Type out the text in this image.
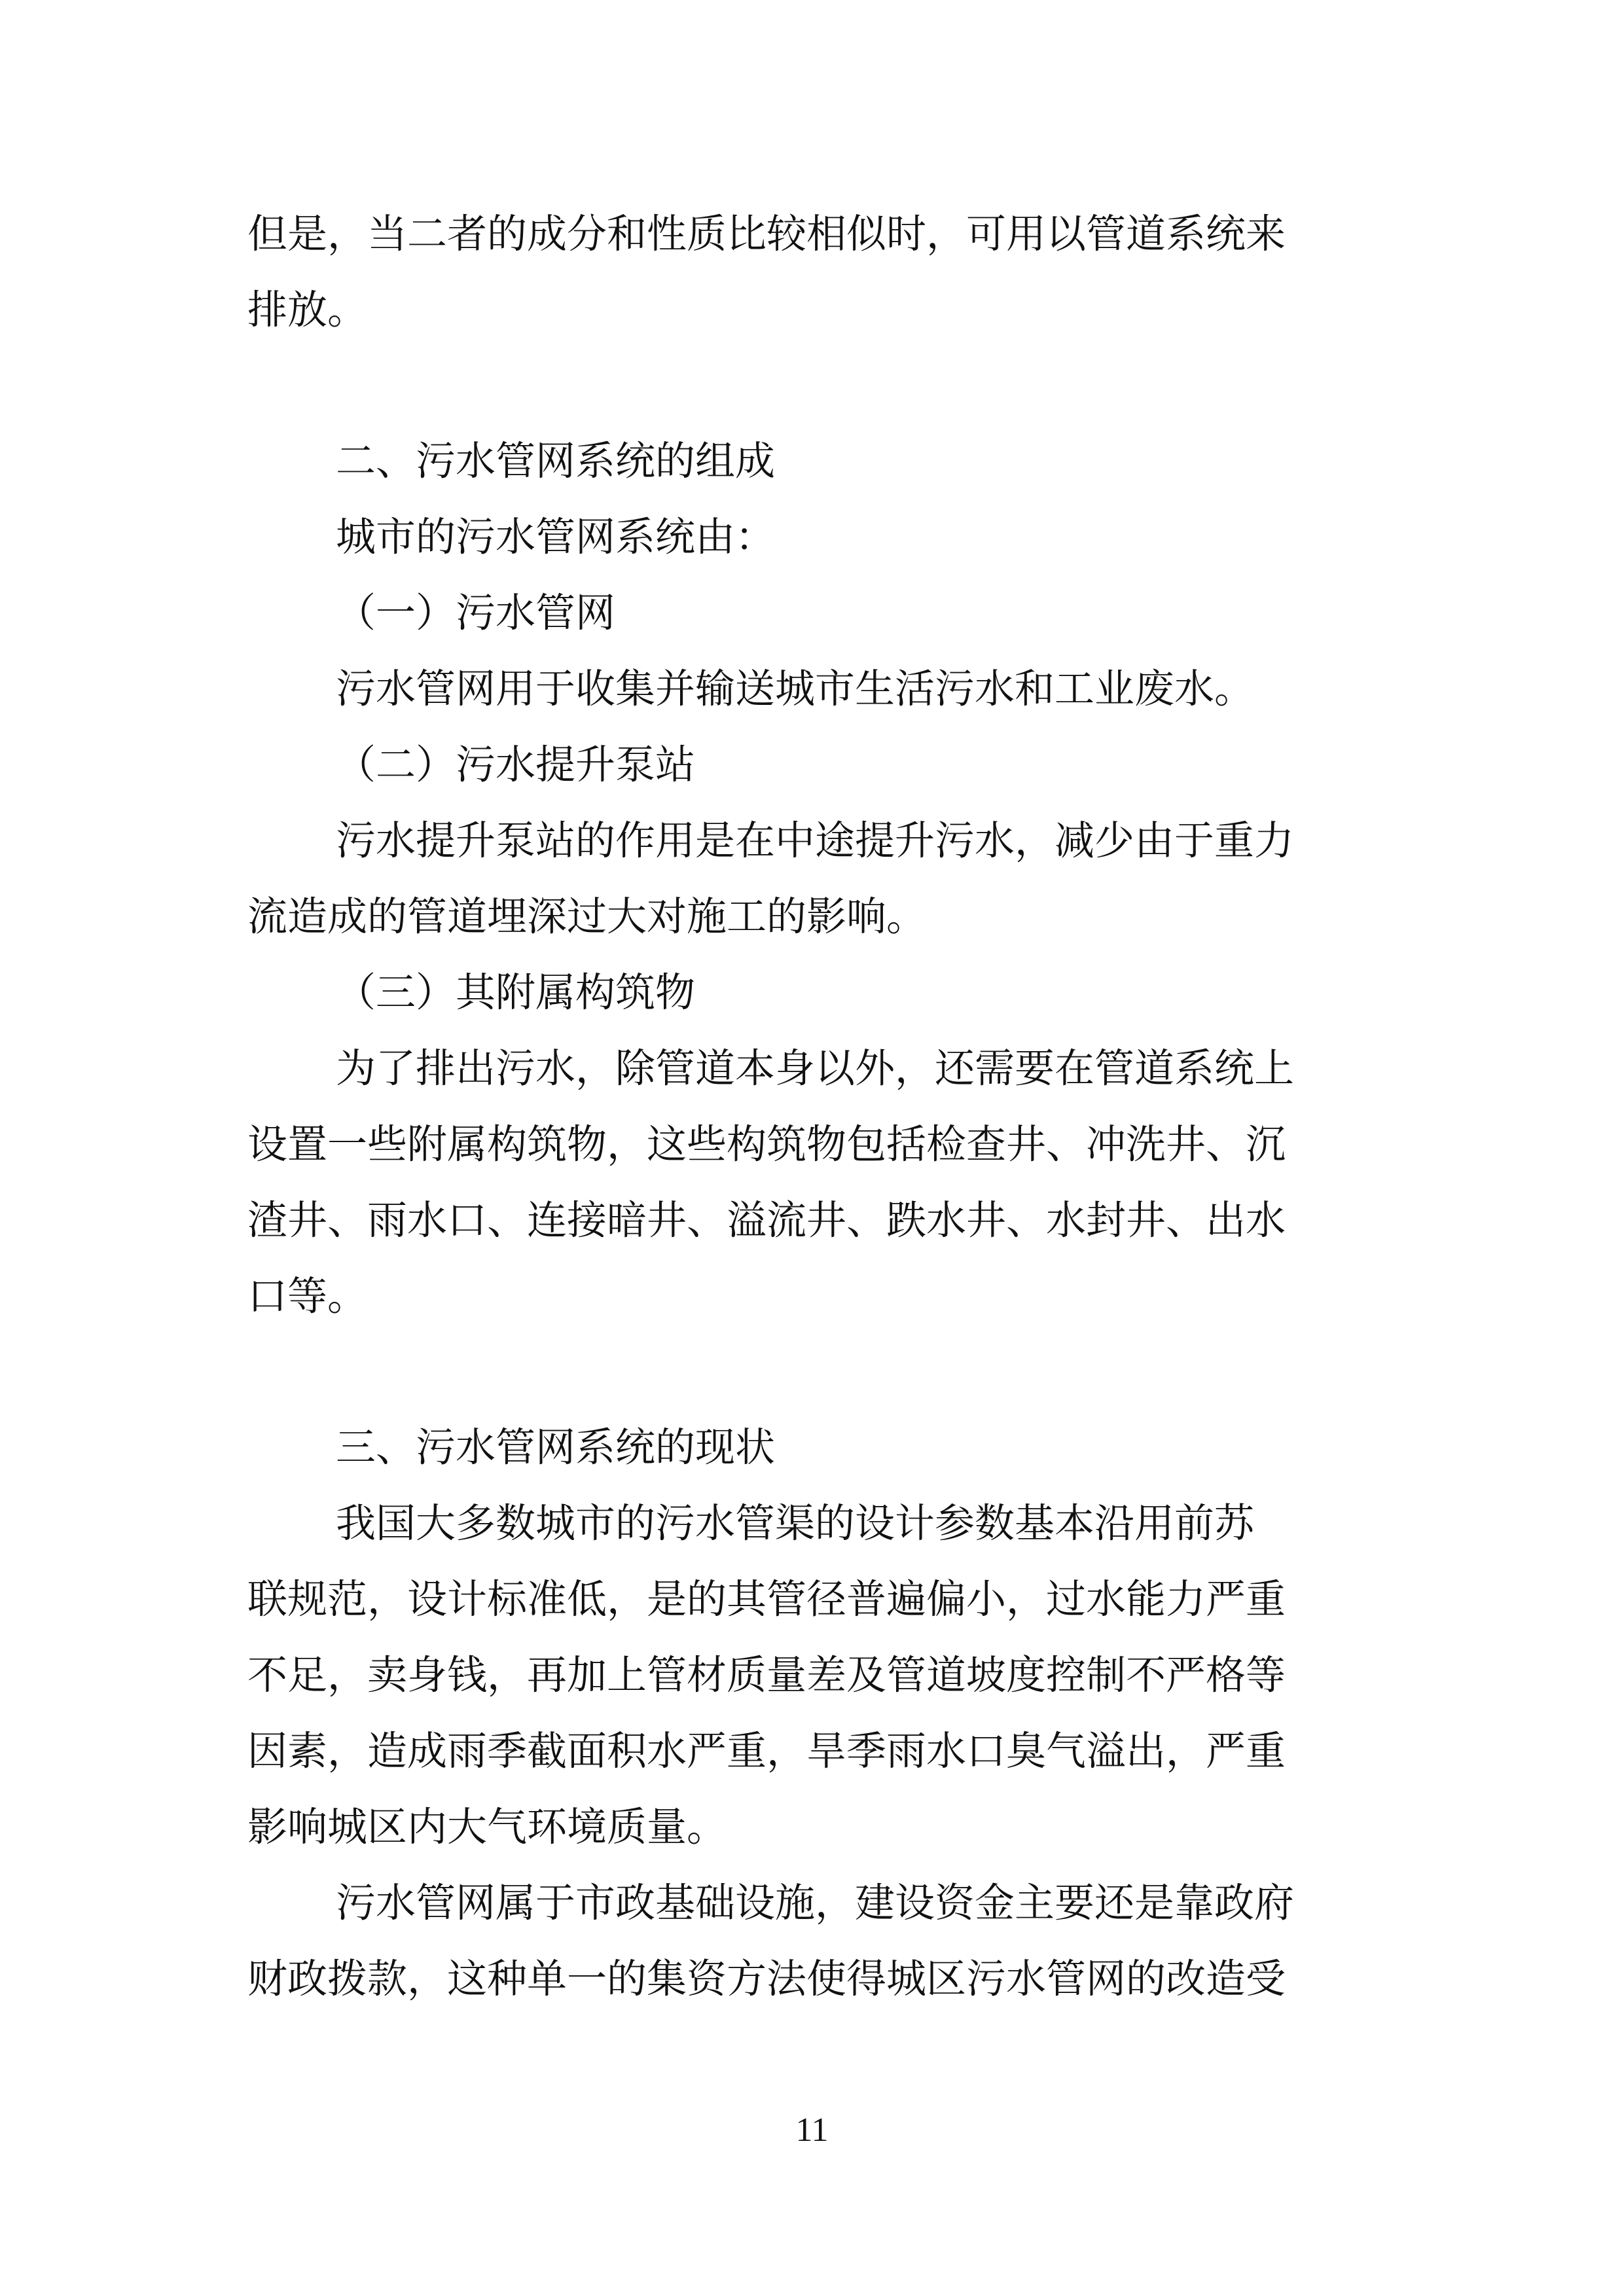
但是，当二者的成分和性质比较相似时，可用以管道系统来

排放。

二、污水管网系统的组成

城市的污水管网系统由：

（一）污水管网

污水管网用于收集并输送城市生活污水和工业废水。

（二）污水提升泵站

污水提升泵站的作用是在中途提升污水，减少由于重力

流造成的管道埋深过大对施工的影响。

（三）其附属构筑物

为了排出污水，除管道本身以外，还需要在管道系统上

设置一些附属构筑物，这些构筑物包括检查井、冲洗井、沉

渣井、雨水口、连接暗井、溢流井、跌水井、水封井、出水

口等。

三、污水管网系统的现状

我国大多数城市的污水管渠的设计参数基本沿用前苏

联规范，设计标准低，是的其管径普遍偏小，过水能力严重

不足，卖身钱，再加上管材质量差及管道坡度控制不严格等

因素，造成雨季截面积水严重，旱季雨水口臭气溢出，严重

影响城区内大气环境质量。

污水管网属于市政基础设施，建设资金主要还是靠政府

财政拨款，这种单一的集资方法使得城区污水管网的改造受

11
